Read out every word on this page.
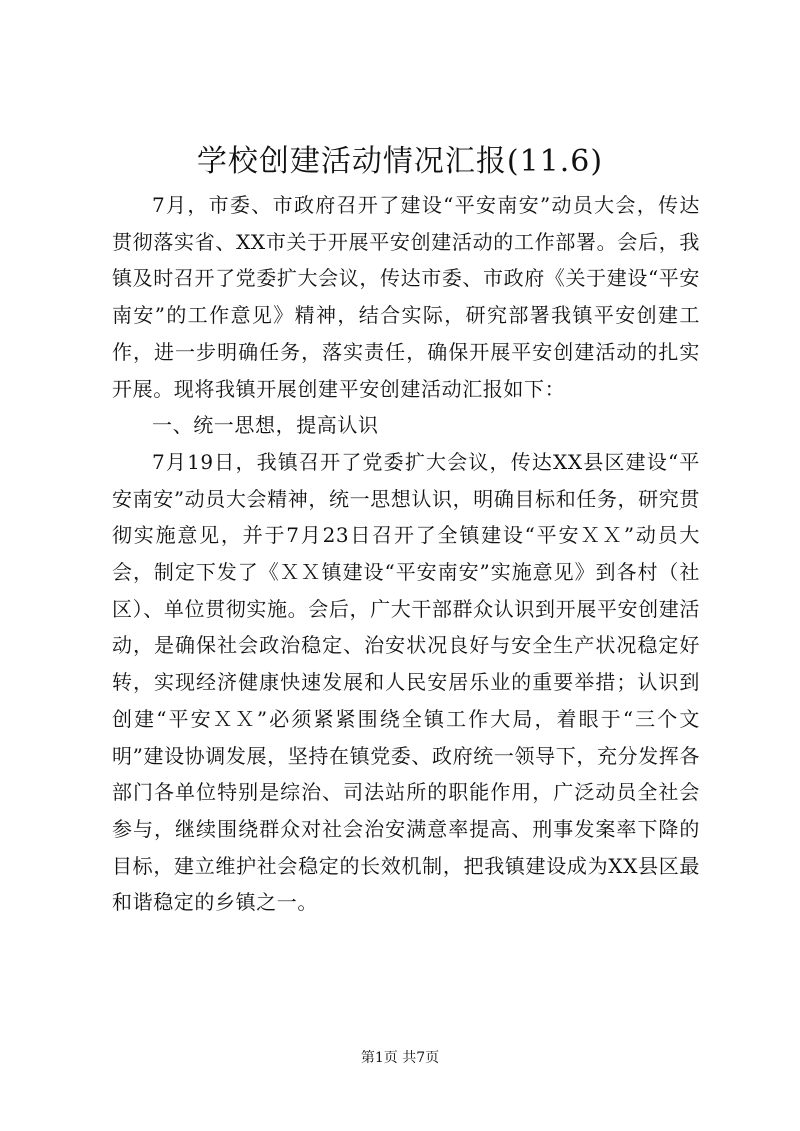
学校创建活动情况汇报(11.6)

7月，市委、市政府召开了建设“平安南安”动员大会，传达贯彻落实省、XX市关于开展平安创建活动的工作部署。会后，我镇及时召开了党委扩大会议，传达市委、市政府《关于建设“平安南安”的工作意见》精神，结合实际，研究部署我镇平安创建工作，进一步明确任务，落实责任，确保开展平安创建活动的扎实开展。现将我镇开展创建平安创建活动汇报如下：

一、统一思想，提高认识

7月19日，我镇召开了党委扩大会议，传达XX县区建设“平安南安”动员大会精神，统一思想认识，明确目标和任务，研究贯彻实施意见，并于7月23日召开了全镇建设“平安ＸＸ”动员大会，制定下发了《ＸＸ镇建设“平安南安”实施意见》到各村（社区）、单位贯彻实施。会后，广大干部群众认识到开展平安创建活动，是确保社会政治稳定、治安状况良好与安全生产状况稳定好转，实现经济健康快速发展和人民安居乐业的重要举措；认识到创建“平安ＸＸ”必须紧紧围绕全镇工作大局，着眼于“三个文明”建设协调发展，坚持在镇党委、政府统一领导下，充分发挥各部门各单位特别是综治、司法站所的职能作用，广泛动员全社会参与，继续围绕群众对社会治安满意率提高、刑事发案率下降的目标，建立维护社会稳定的长效机制，把我镇建设成为XX县区最和谐稳定的乡镇之一。

第1页 共7页
